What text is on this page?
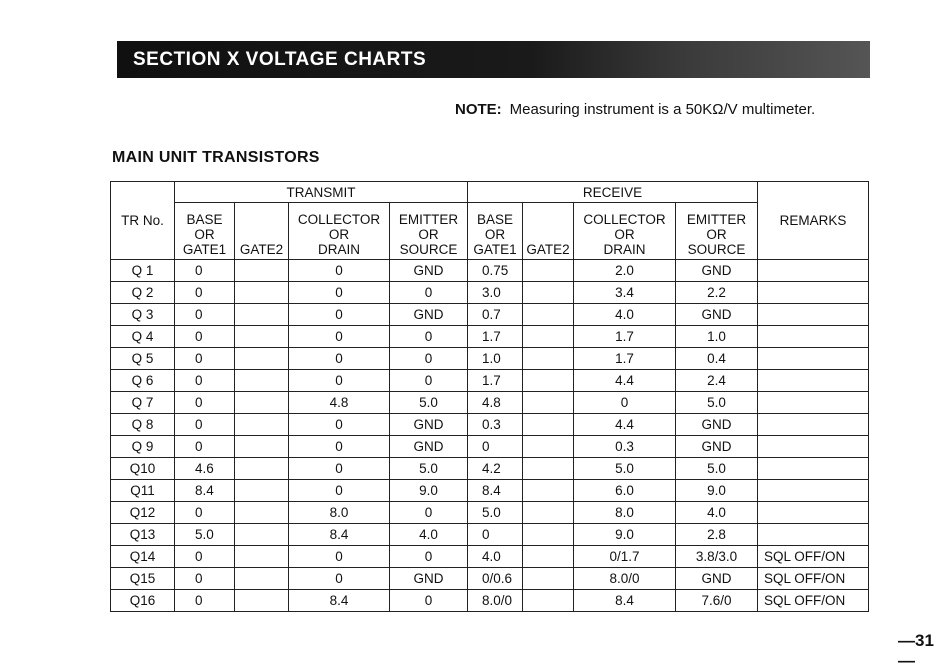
SECTION X VOLTAGE CHARTS
NOTE: Measuring instrument is a 50KΩ/V multimeter.
MAIN UNIT TRANSISTORS
TR No.	TRANSMIT				RECEIVE				REMARKS
	BASE
OR
GATE1	GATE2	COLLECTOR
OR
DRAIN	EMITTER
OR
SOURCE	BASE
OR
GATE1	GATE2	COLLECTOR
OR
DRAIN	EMITTER
OR
SOURCE	
Q 1	0		0	GND	0.75		2.0	GND	
Q 2	0		0	0	3.0		3.4	2.2	
Q 3	0		0	GND	0.7		4.0	GND	
Q 4	0		0	0	1.7		1.7	1.0	
Q 5	0		0	0	1.0		1.7	0.4	
Q 6	0		0	0	1.7		4.4	2.4	
Q 7	0		4.8	5.0	4.8		0	5.0	
Q 8	0		0	GND	0.3		4.4	GND	
Q 9	0		0	GND	0		0.3	GND	
Q10	4.6		0	5.0	4.2		5.0	5.0	
Q11	8.4		0	9.0	8.4		6.0	9.0	
Q12	0		8.0	0	5.0		8.0	4.0	
Q13	5.0		8.4	4.0	0		9.0	2.8	
Q14	0		0	0	4.0		0/1.7	3.8/3.0	SQL OFF/ON
Q15	0		0	GND	0/0.6		8.0/0	GND	SQL OFF/ON
Q16	0		8.4	0	8.0/0		8.4	7.6/0	SQL OFF/ON
—31—
